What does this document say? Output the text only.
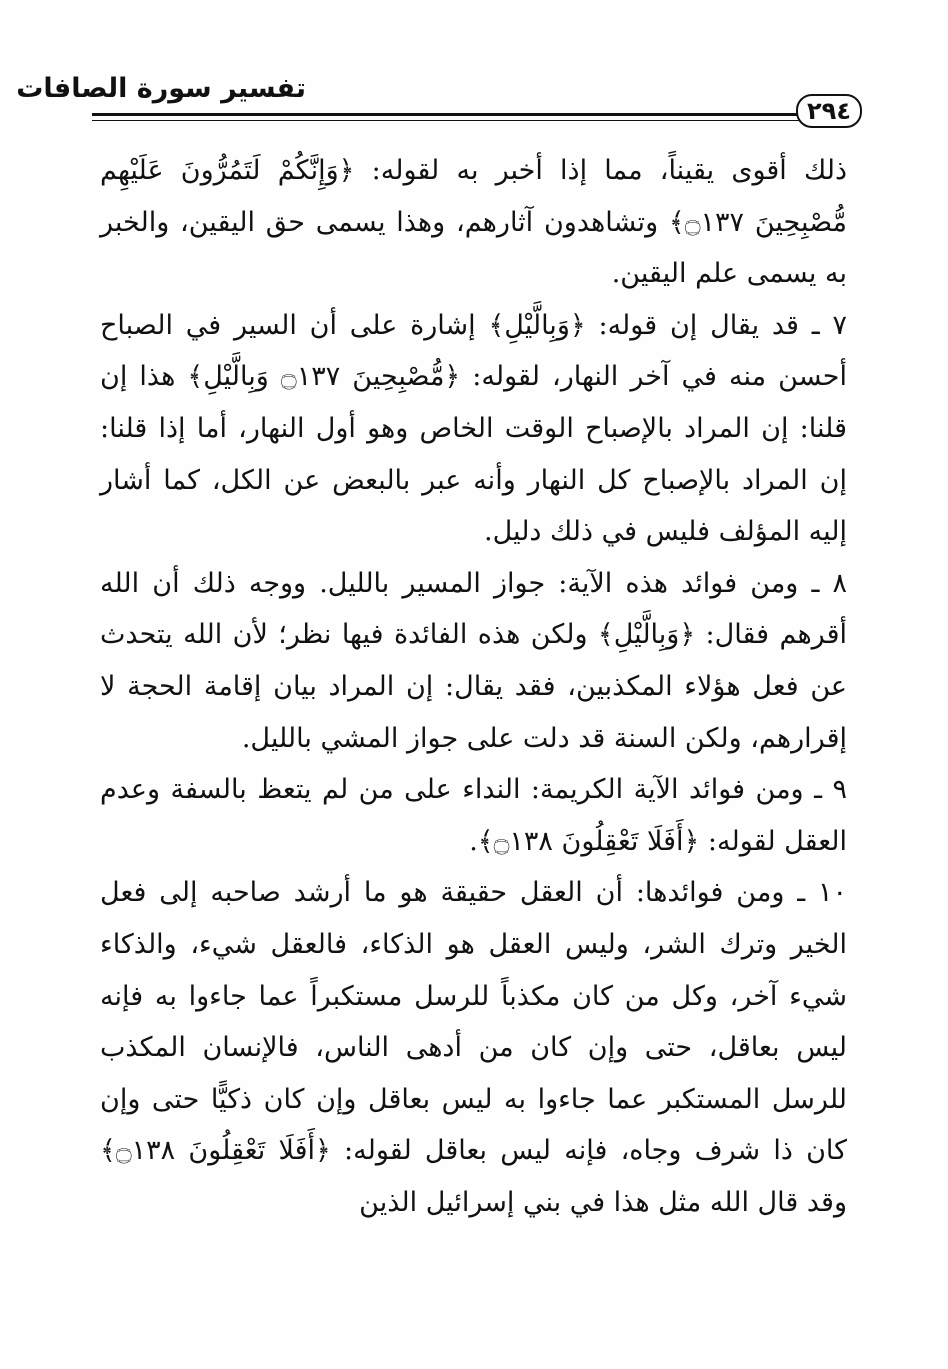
تفسير سورة الصافات
٢٩٤

ذلك أقوى يقيناً، مما إذا أخبر به لقوله: ﴿وَإِنَّكُمْ لَتَمُرُّونَ عَلَيْهِم مُّصْبِحِينَ ۝١٣٧﴾ وتشاهدون آثارهم، وهذا يسمى حق اليقين، والخبر به يسمى علم اليقين.

٧ ـ قد يقال إن قوله: ﴿وَبِالَّيْلِ﴾ إشارة على أن السير في الصباح أحسن منه في آخر النهار، لقوله: ﴿مُّصْبِحِينَ ۝١٣٧ وَبِالَّيْلِ﴾ هذا إن قلنا: إن المراد بالإصباح الوقت الخاص وهو أول النهار، أما إذا قلنا: إن المراد بالإصباح كل النهار وأنه عبر بالبعض عن الكل، كما أشار إليه المؤلف فليس في ذلك دليل.

٨ ـ ومن فوائد هذه الآية: جواز المسير بالليل. ووجه ذلك أن الله أقرهم فقال: ﴿وَبِالَّيْلِ﴾ ولكن هذه الفائدة فيها نظر؛ لأن الله يتحدث عن فعل هؤلاء المكذبين، فقد يقال: إن المراد بيان إقامة الحجة لا إقرارهم، ولكن السنة قد دلت على جواز المشي بالليل.

٩ ـ ومن فوائد الآية الكريمة: النداء على من لم يتعظ بالسفة وعدم العقل لقوله: ﴿أَفَلَا تَعْقِلُونَ ۝١٣٨﴾.

١٠ ـ ومن فوائدها: أن العقل حقيقة هو ما أرشد صاحبه إلى فعل الخير وترك الشر، وليس العقل هو الذكاء، فالعقل شيء، والذكاء شيء آخر، وكل من كان مكذباً للرسل مستكبراً عما جاءوا به فإنه ليس بعاقل، حتى وإن كان من أدهى الناس، فالإنسان المكذب للرسل المستكبر عما جاءوا به ليس بعاقل وإن كان ذكيًّا حتى وإن كان ذا شرف وجاه، فإنه ليس بعاقل لقوله: ﴿أَفَلَا تَعْقِلُونَ ۝١٣٨﴾ وقد قال الله مثل هذا في بني إسرائيل الذين
